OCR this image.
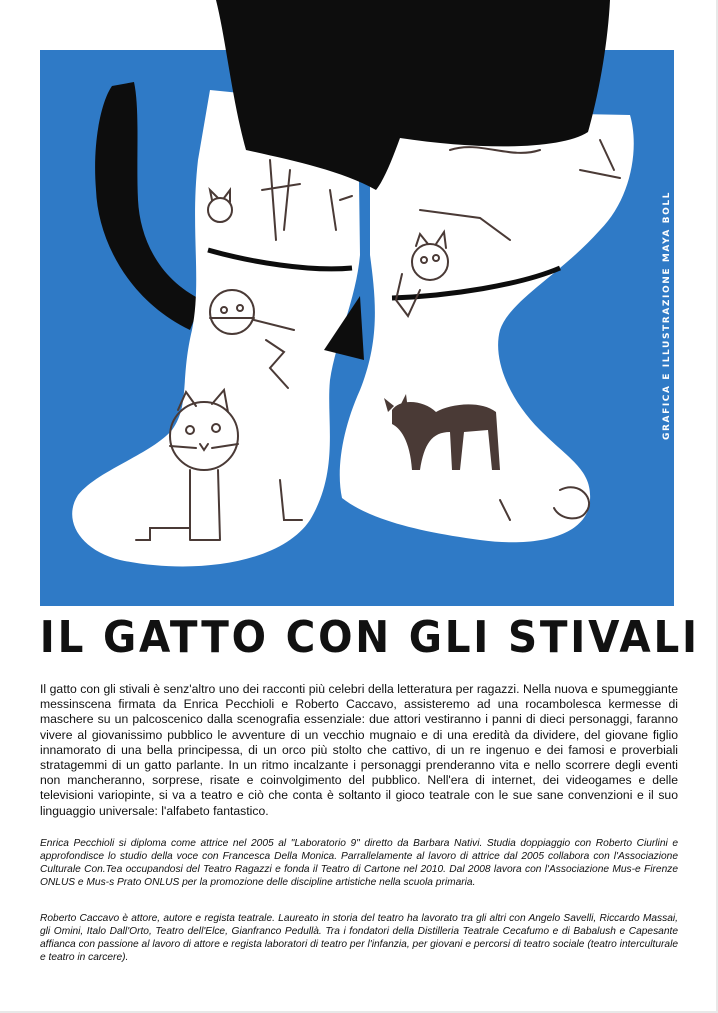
GRAFICA E ILLUSTRAZIONE MAYA BOLL
IL GATTO CON GLI STIVALI

Il gatto con gli stivali è senz'altro uno dei racconti più celebri della letteratura per ragazzi. Nella nuova e spumeggiante messinscena firmata da Enrica Pecchioli e Roberto Caccavo, assisteremo ad una rocambolesca kermesse di maschere su un palcoscenico dalla scenografia essenziale: due attori vestiranno i panni di dieci personaggi, faranno vivere al giovanissimo pubblico le avventure di un vecchio mugnaio e di una eredità da dividere, del giovane figlio innamorato di una bella principessa, di un orco più stolto che cattivo, di un re ingenuo e dei famosi e proverbiali stratagemmi di un gatto parlante. In un ritmo incalzante i personaggi prenderanno vita e nello scorrere degli eventi non mancheranno, sorprese, risate e coinvolgimento del pubblico. Nell'era di internet, dei videogames e delle televisioni variopinte, si va a teatro e ciò che conta è soltanto il gioco teatrale con le sue sane convenzioni e il suo linguaggio universale: l'alfabeto fantastico.

Enrica Pecchioli si diploma come attrice nel 2005 al "Laboratorio 9" diretto da Barbara Nativi. Studia doppiaggio con Roberto Ciurlini e approfondisce lo studio della voce con Francesca Della Monica. Parrallelamente al lavoro di attrice dal 2005 collabora con l'Associazione Culturale Con.Tea occupandosi del Teatro Ragazzi e fonda il Teatro di Cartone nel 2010. Dal 2008 lavora con l'Associazione Mus-e Firenze ONLUS e Mus-s Prato ONLUS per la promozione delle discipline artistiche nella scuola primaria.

Roberto Caccavo è attore, autore e regista teatrale. Laureato in storia del teatro ha lavorato tra gli altri con Angelo Savelli, Riccardo Massai, gli Omini, Italo Dall'Orto, Teatro dell'Elce, Gianfranco Pedullà. Tra i fondatori della Distilleria Teatrale Cecafumo e di Babalush e Capesante affianca con passione al lavoro di attore e regista laboratori di teatro per l'infanzia, per giovani e percorsi di teatro sociale (teatro interculturale e teatro in carcere).
